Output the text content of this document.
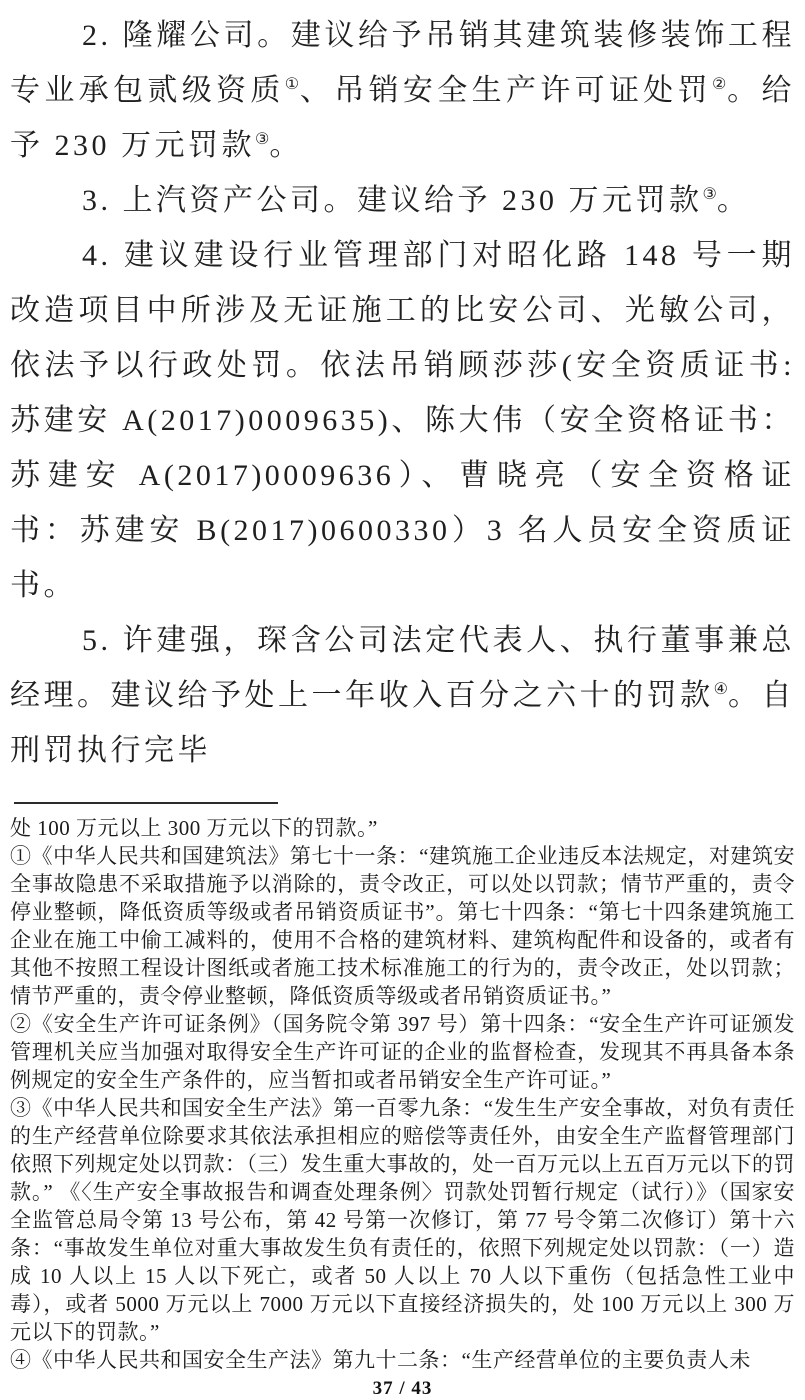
2. 隆耀公司。建议给予吊销其建筑装修装饰工程专业承包贰级资质①、吊销安全生产许可证处罚②。给予 230 万元罚款③。

3. 上汽资产公司。建议给予 230 万元罚款③。

4. 建议建设行业管理部门对昭化路 148 号一期改造项目中所涉及无证施工的比安公司、光敏公司，依法予以行政处罚。依法吊销顾莎莎(安全资质证书:苏建安 A(2017)0009635)、陈大伟（安全资格证书：苏建安 A(2017)0009636）、曹晓亮（安全资格证书：苏建安 B(2017)0600330）3 名人员安全资质证书。

5. 许建强，琛含公司法定代表人、执行董事兼总经理。建议给予处上一年收入百分之六十的罚款④。自刑罚执行完毕

处 100 万元以上 300 万元以下的罚款。”
①《中华人民共和国建筑法》第七十一条：“建筑施工企业违反本法规定，对建筑安全事故隐患不采取措施予以消除的，责令改正，可以处以罚款；情节严重的，责令停业整顿，降低资质等级或者吊销资质证书”。第七十四条：“第七十四条建筑施工企业在施工中偷工减料的，使用不合格的建筑材料、建筑构配件和设备的，或者有其他不按照工程设计图纸或者施工技术标准施工的行为的，责令改正，处以罚款；情节严重的，责令停业整顿，降低资质等级或者吊销资质证书。”
②《安全生产许可证条例》（国务院令第 397 号）第十四条：“安全生产许可证颁发管理机关应当加强对取得安全生产许可证的企业的监督检查，发现其不再具备本条例规定的安全生产条件的，应当暂扣或者吊销安全生产许可证。”
③《中华人民共和国安全生产法》第一百零九条：“发生生产安全事故，对负有责任的生产经营单位除要求其依法承担相应的赔偿等责任外，由安全生产监督管理部门依照下列规定处以罚款：（三）发生重大事故的，处一百万元以上五百万元以下的罚款。” 《〈生产安全事故报告和调查处理条例〉罚款处罚暂行规定（试行）》（国家安全监管总局令第 13 号公布，第 42 号第一次修订，第 77 号令第二次修订）第十六条：“事故发生单位对重大事故发生负有责任的，依照下列规定处以罚款：（一）造成 10 人以上 15 人以下死亡，或者 50 人以上 70 人以下重伤（包括急性工业中毒），或者 5000 万元以上 7000 万元以下直接经济损失的，处 100 万元以上 300 万元以下的罚款。”
④《中华人民共和国安全生产法》第九十二条：“生产经营单位的主要负责人未
37 / 43
